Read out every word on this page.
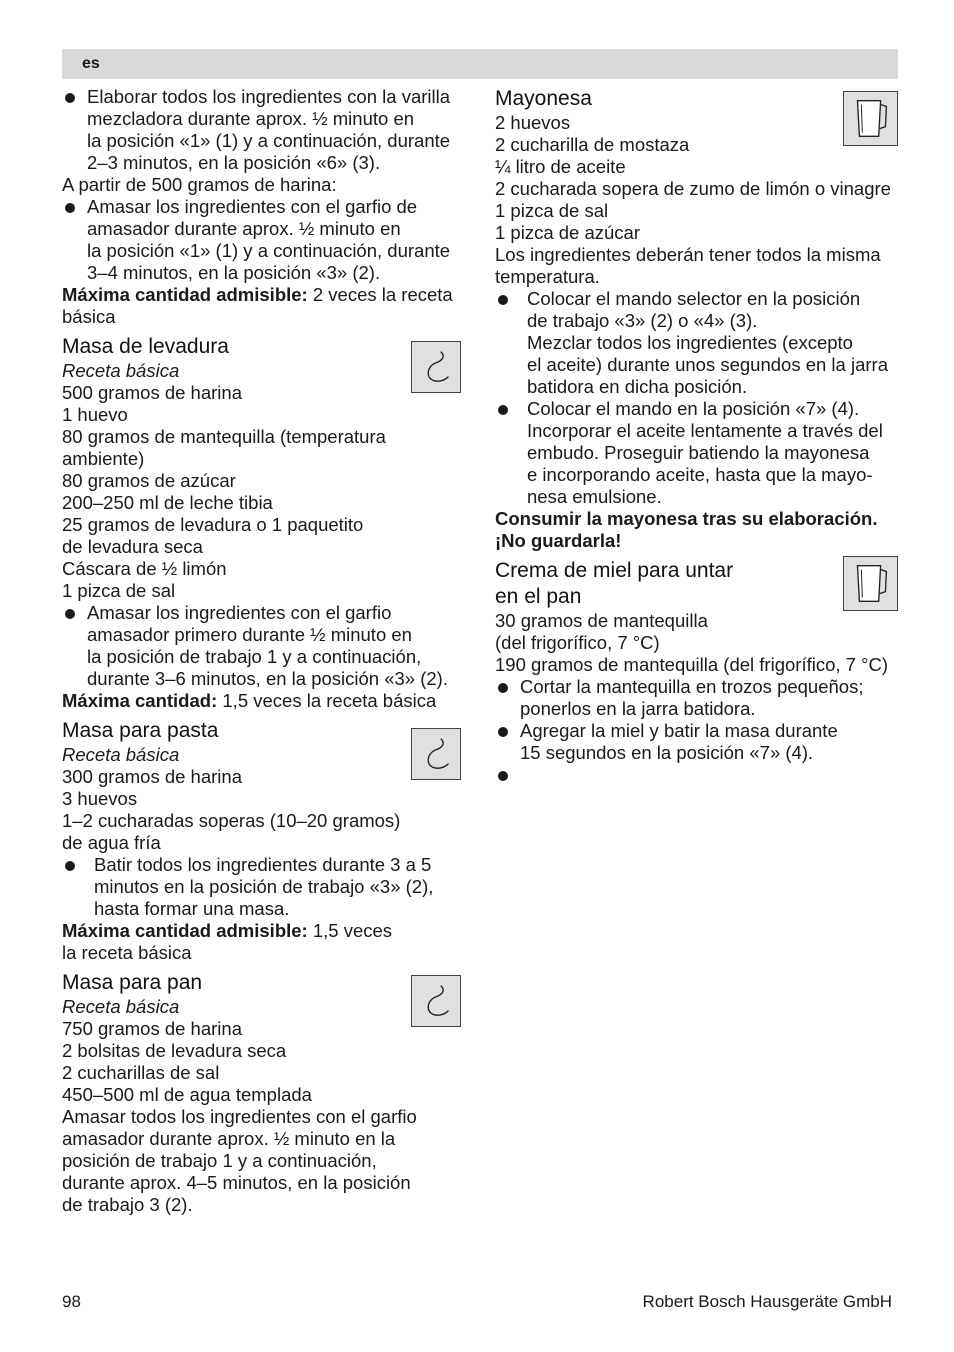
es
Elaborar todos los ingredientes con la varilla
mezcladora durante aprox. ½ minuto en
la posición «1» (1) y a continuación, durante
2–3 minutos, en la posición «6» (3).

A partir de 500 gramos de harina:

Amasar los ingredientes con el garfio de
amasador durante aprox. ½ minuto en
la posición «1» (1) y a continuación, durante
3–4 minutos, en la posición «3» (2).

Máxima cantidad admisible: 2 veces la receta

básica

Masa de levadura

Receta básica

500 gramos de harina

1 huevo

80 gramos de mantequilla (temperatura

ambiente)

80 gramos de azúcar

200–250 ml de leche tibia

25 gramos de levadura o 1 paquetito

de levadura seca

Cáscara de ½ limón

1 pizca de sal

Amasar los ingredientes con el garfio
amasador primero durante ½ minuto en
la posición de trabajo 1 y a continuación,
durante 3–6 minutos, en la posición «3» (2).

Máxima cantidad: 1,5 veces la receta básica

Masa para pasta

Receta básica

300 gramos de harina

3 huevos

1–2 cucharadas soperas (10–20 gramos)

de agua fría

Batir todos los ingredientes durante 3 a 5
minutos en la posición de trabajo «3» (2),
hasta formar una masa.

Máxima cantidad admisible: 1,5 veces

la receta básica

Masa para pan

Receta básica

750 gramos de harina

2 bolsitas de levadura seca

2 cucharillas de sal

450–500 ml de agua templada

Amasar todos los ingredientes con el garfio

amasador durante aprox. ½ minuto en la

posición de trabajo 1 y a continuación,

durante aprox. 4–5 minutos, en la posición

de trabajo 3 (2).

Mayonesa

2 huevos

2 cucharilla de mostaza

¼ litro de aceite

2 cucharada sopera de zumo de limón o vinagre

1 pizca de sal

1 pizca de azúcar

Los ingredientes deberán tener todos la misma

temperatura.

Colocar el mando selector en la posición
de trabajo «3» (2) o «4» (3).
Mezclar todos los ingredientes (excepto
el aceite) durante unos segundos en la jarra
batidora en dicha posición.
Colocar el mando en la posición «7» (4).
Incorporar el aceite lentamente a través del
embudo. Proseguir batiendo la mayonesa
e incorporando aceite, hasta que la mayo-
nesa emulsione.

Consumir la mayonesa tras su elaboración.

¡No guardarla!

Crema de miel para untar

en el pan

30 gramos de mantequilla

(del frigorífico, 7 °C)

190 gramos de mantequilla (del frigorífico, 7 °C)

Cortar la mantequilla en trozos pequeños;
ponerlos en la jarra batidora.
Agregar la miel y batir la masa durante
15 segundos en la posición «7» (4).

98	Robert Bosch Hausgeräte GmbH
